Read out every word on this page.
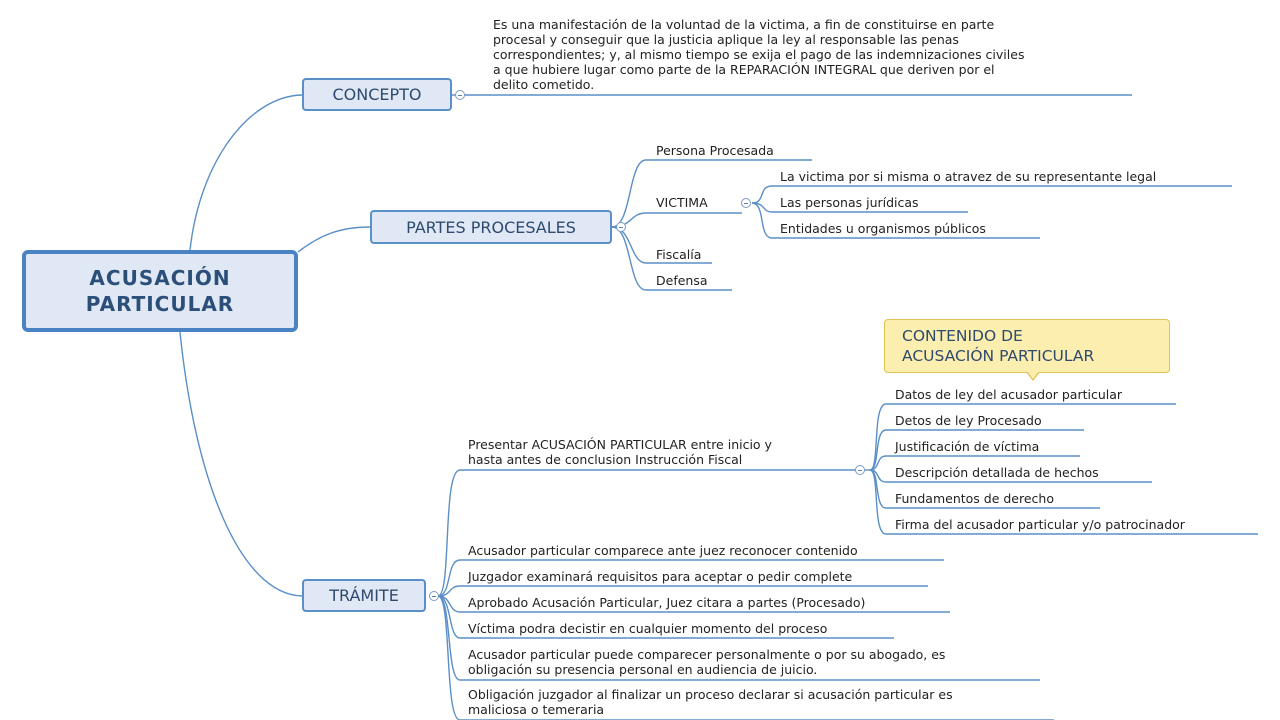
ACUSACIÓN
PARTICULAR
CONCEPTO
PARTES PROCESALES
TRÁMITE
Es una manifestación de la voluntad de la victima, a fin de constituirse en parte
procesal y conseguir que la justicia aplique la ley al responsable las penas
correspondientes; y, al mismo tiempo se exija el pago de las indemnizaciones civiles
a que hubiere lugar como parte de la REPARACIÓN INTEGRAL que deriven por el
delito cometido.
Persona Procesada
VICTIMA
Fiscalía
Defensa
La victima por si misma o atravez de su representante legal
Las personas jurídicas
Entidades u organismos públicos
CONTENIDO DE
ACUSACIÓN PARTICULAR
Datos de ley del acusador particular
Detos de ley Procesado
Justificación de víctima
Descripción detallada de hechos
Fundamentos de derecho
Firma del acusador particular y/o patrocinador
Presentar ACUSACIÓN PARTICULAR entre inicio y
hasta antes de conclusion Instrucción Fiscal
Acusador particular comparece ante juez reconocer contenido
Juzgador examinará requisitos para aceptar o pedir complete
Aprobado Acusación Particular, Juez citara a partes (Procesado)
Víctima podra decistir en cualquier momento del proceso
Acusador particular puede comparecer personalmente o por su abogado, es
obligación su presencia personal en audiencia de juicio.
Obligación juzgador al finalizar un proceso declarar si acusación particular es
maliciosa o temeraria
